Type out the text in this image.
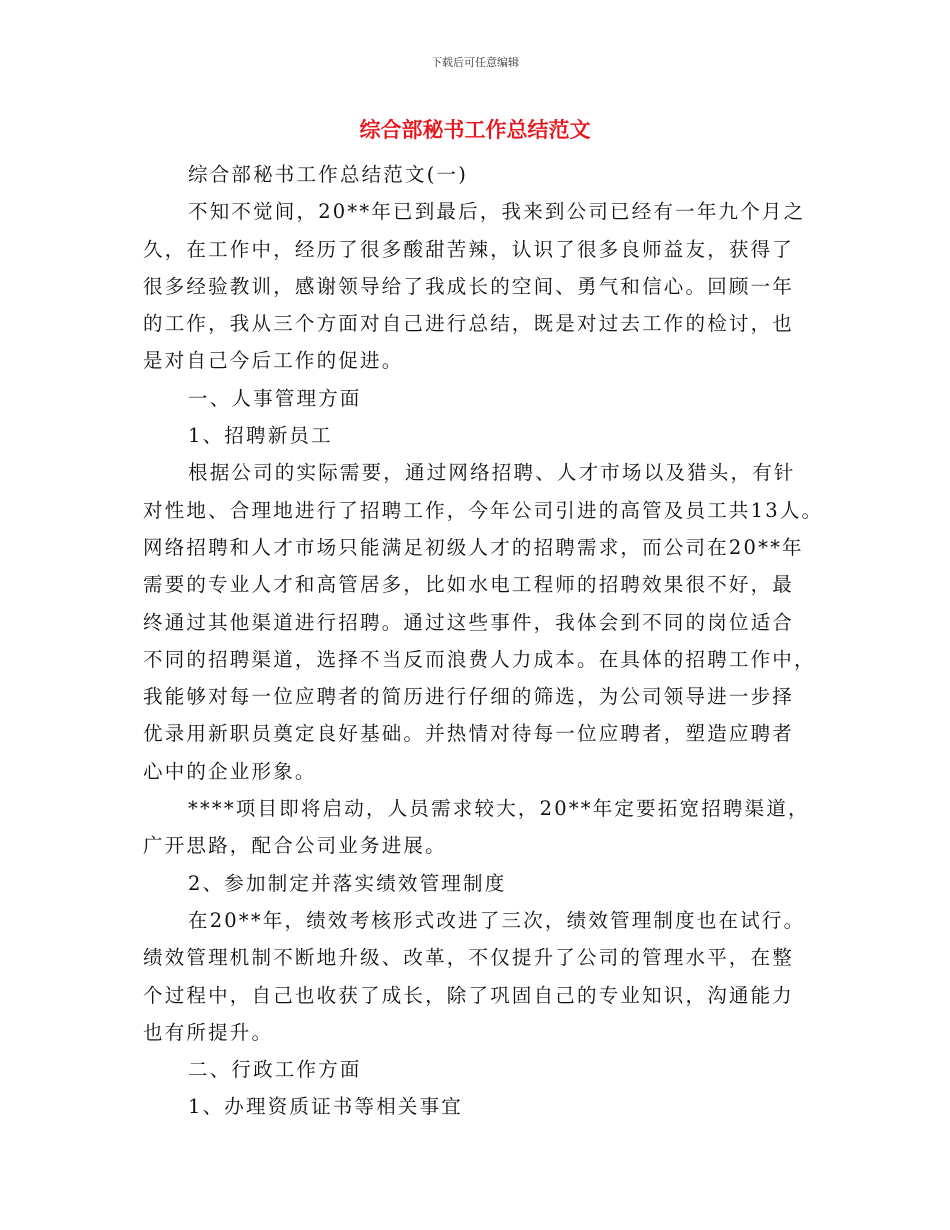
下载后可任意编辑
综合部秘书工作总结范文
综合部秘书工作总结范文(一)
不知不觉间，20**年已到最后，我来到公司已经有一年九个月之
久，在工作中，经历了很多酸甜苦辣，认识了很多良师益友，获得了
很多经验教训，感谢领导给了我成长的空间、勇气和信心。回顾一年
的工作，我从三个方面对自己进行总结，既是对过去工作的检讨，也
是对自己今后工作的促进。
一、人事管理方面
1、招聘新员工
根据公司的实际需要，通过网络招聘、人才市场以及猎头，有针
对性地、合理地进行了招聘工作，今年公司引进的高管及员工共13人。
网络招聘和人才市场只能满足初级人才的招聘需求，而公司在20**年
需要的专业人才和高管居多，比如水电工程师的招聘效果很不好，最
终通过其他渠道进行招聘。通过这些事件，我体会到不同的岗位适合
不同的招聘渠道，选择不当反而浪费人力成本。在具体的招聘工作中，
我能够对每一位应聘者的简历进行仔细的筛选，为公司领导进一步择
优录用新职员奠定良好基础。并热情对待每一位应聘者，塑造应聘者
心中的企业形象。
****项目即将启动，人员需求较大，20**年定要拓宽招聘渠道，
广开思路，配合公司业务进展。
2、参加制定并落实绩效管理制度
在20**年，绩效考核形式改进了三次，绩效管理制度也在试行。
绩效管理机制不断地升级、改革，不仅提升了公司的管理水平，在整
个过程中，自己也收获了成长，除了巩固自己的专业知识，沟通能力
也有所提升。
二、行政工作方面
1、办理资质证书等相关事宜
